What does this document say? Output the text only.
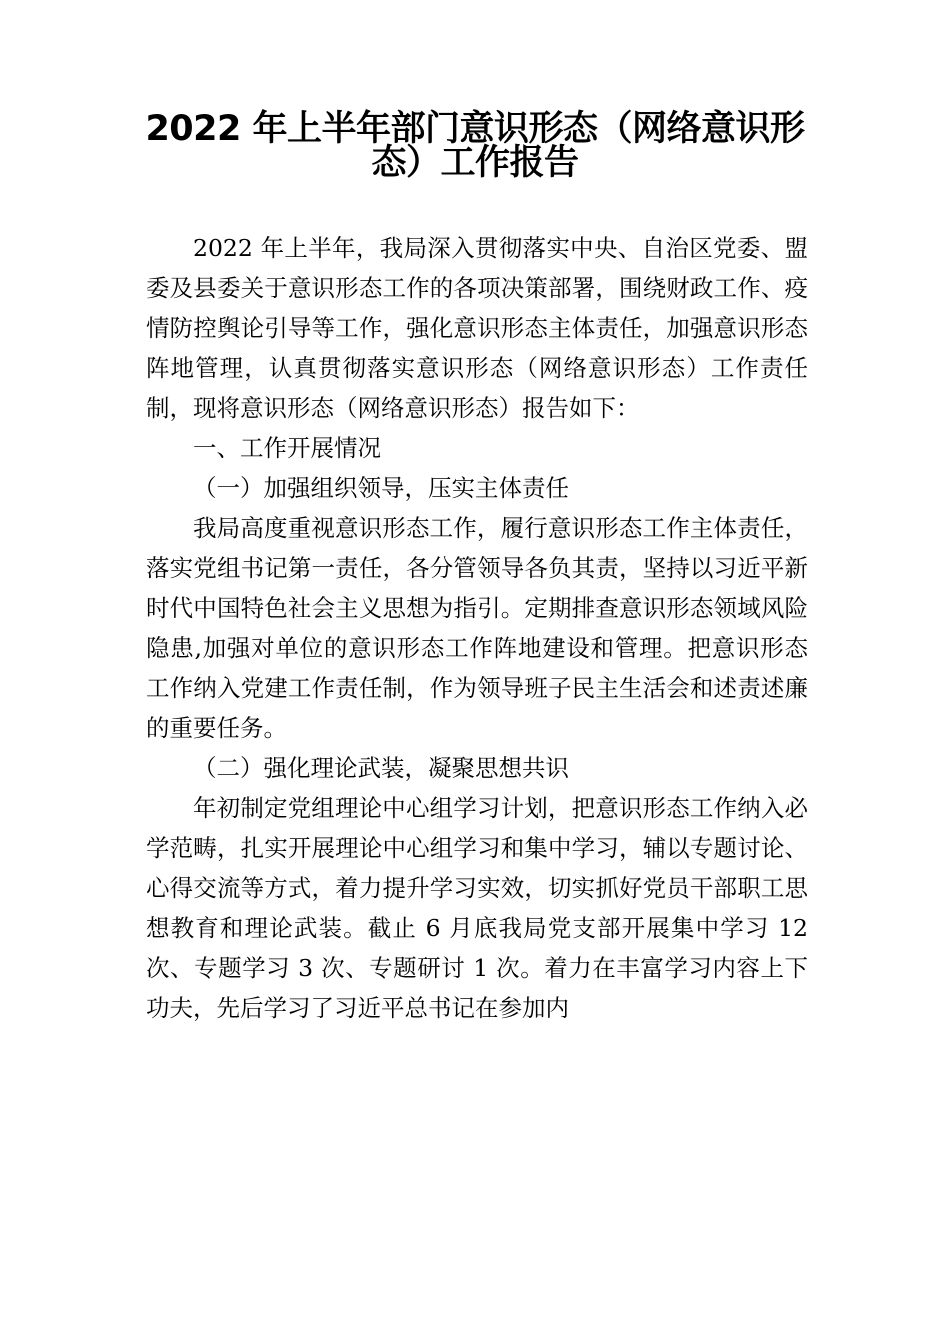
2022 年上半年部门意识形态（网络意识形态）工作报告

2022 年上半年，我局深入贯彻落实中央、自治区党委、盟委及县委关于意识形态工作的各项决策部署，围绕财政工作、疫情防控舆论引导等工作，强化意识形态主体责任，加强意识形态阵地管理，认真贯彻落实意识形态（网络意识形态）工作责任制，现将意识形态（网络意识形态）报告如下：

一、工作开展情况

（一）加强组织领导，压实主体责任

我局高度重视意识形态工作，履行意识形态工作主体责任，落实党组书记第一责任，各分管领导各负其责，坚持以习近平新时代中国特色社会主义思想为指引。定期排查意识形态领域风险隐患,加强对单位的意识形态工作阵地建设和管理。把意识形态工作纳入党建工作责任制，作为领导班子民主生活会和述责述廉的重要任务。

（二）强化理论武装，凝聚思想共识

年初制定党组理论中心组学习计划，把意识形态工作纳入必学范畴，扎实开展理论中心组学习和集中学习，辅以专题讨论、心得交流等方式，着力提升学习实效，切实抓好党员干部职工思想教育和理论武装。截止 6 月底我局党支部开展集中学习 12 次、专题学习 3 次、专题研讨 1 次。着力在丰富学习内容上下功夫，先后学习了习近平总书记在参加内
